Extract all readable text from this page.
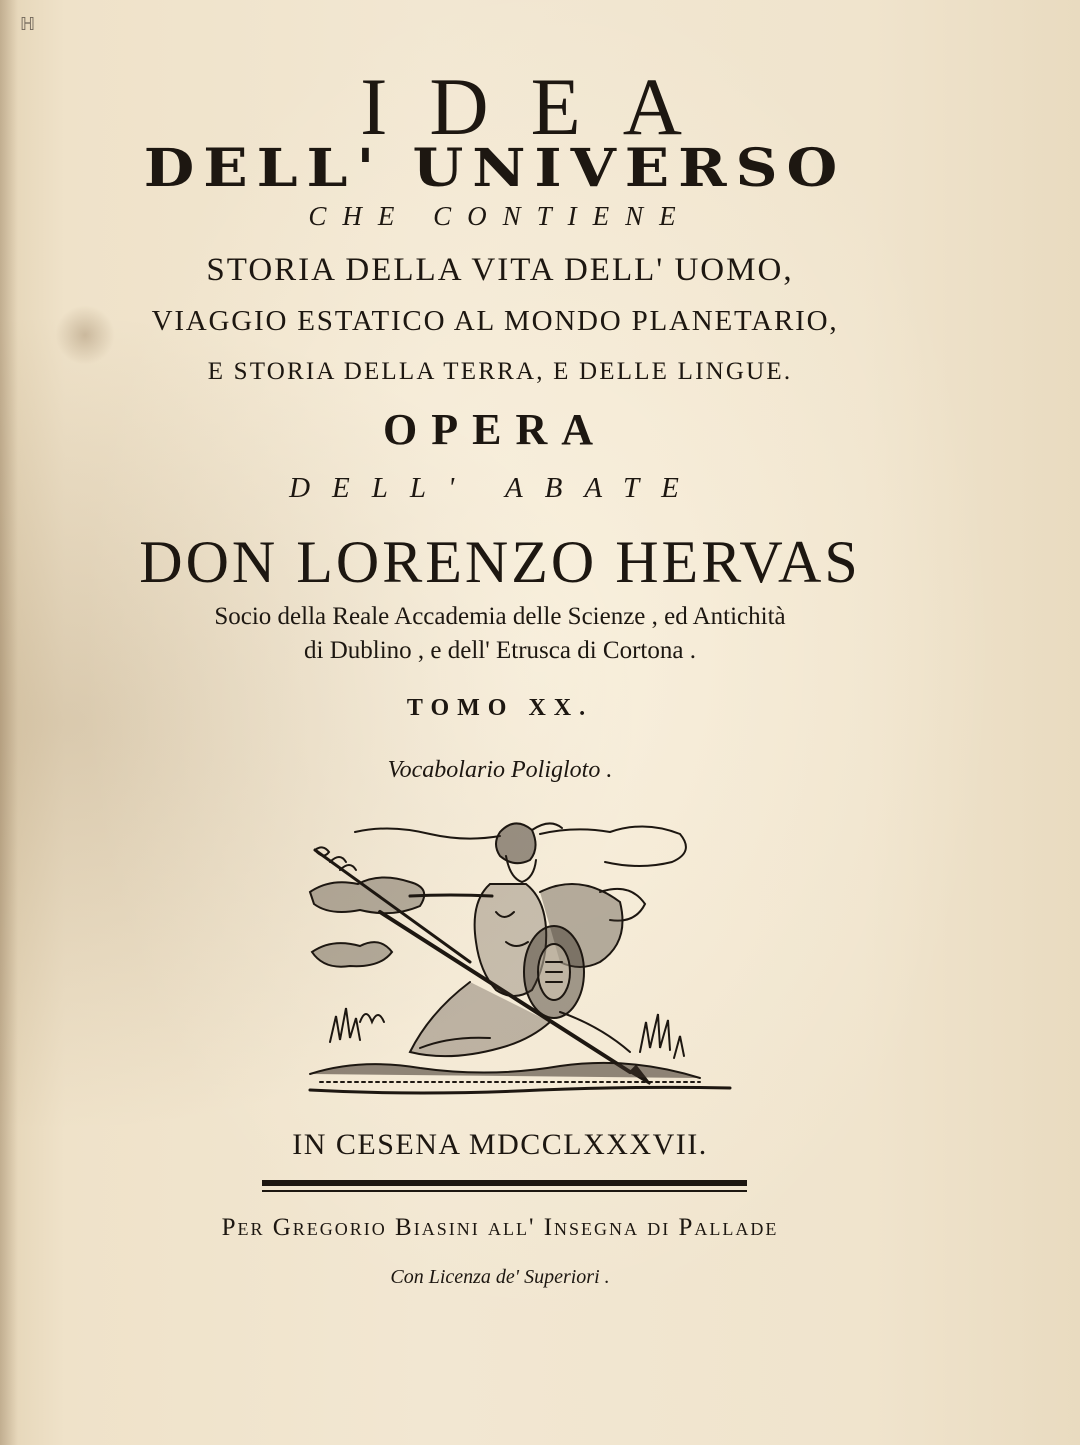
ℍ
IDEA
DELL' UNIVERSO
CHE CONTIENE
STORIA DELLA VITA DELL' UOMO,
VIAGGIO ESTATICO AL MONDO PLANETARIO,
E STORIA DELLA TERRA, E DELLE LINGUE.
OPERA
DELL' ABATE
DON LORENZO HERVAS
Socio della Reale Accademia delle Scienze , ed Antichità
di Dublino , e dell' Etrusca di Cortona .
TOMO XX.
Vocabolario Poligloto .
IN CESENA MDCCLXXXVII.
Per Gregorio Biasini all' Insegna di Pallade
Con Licenza de' Superiori .
